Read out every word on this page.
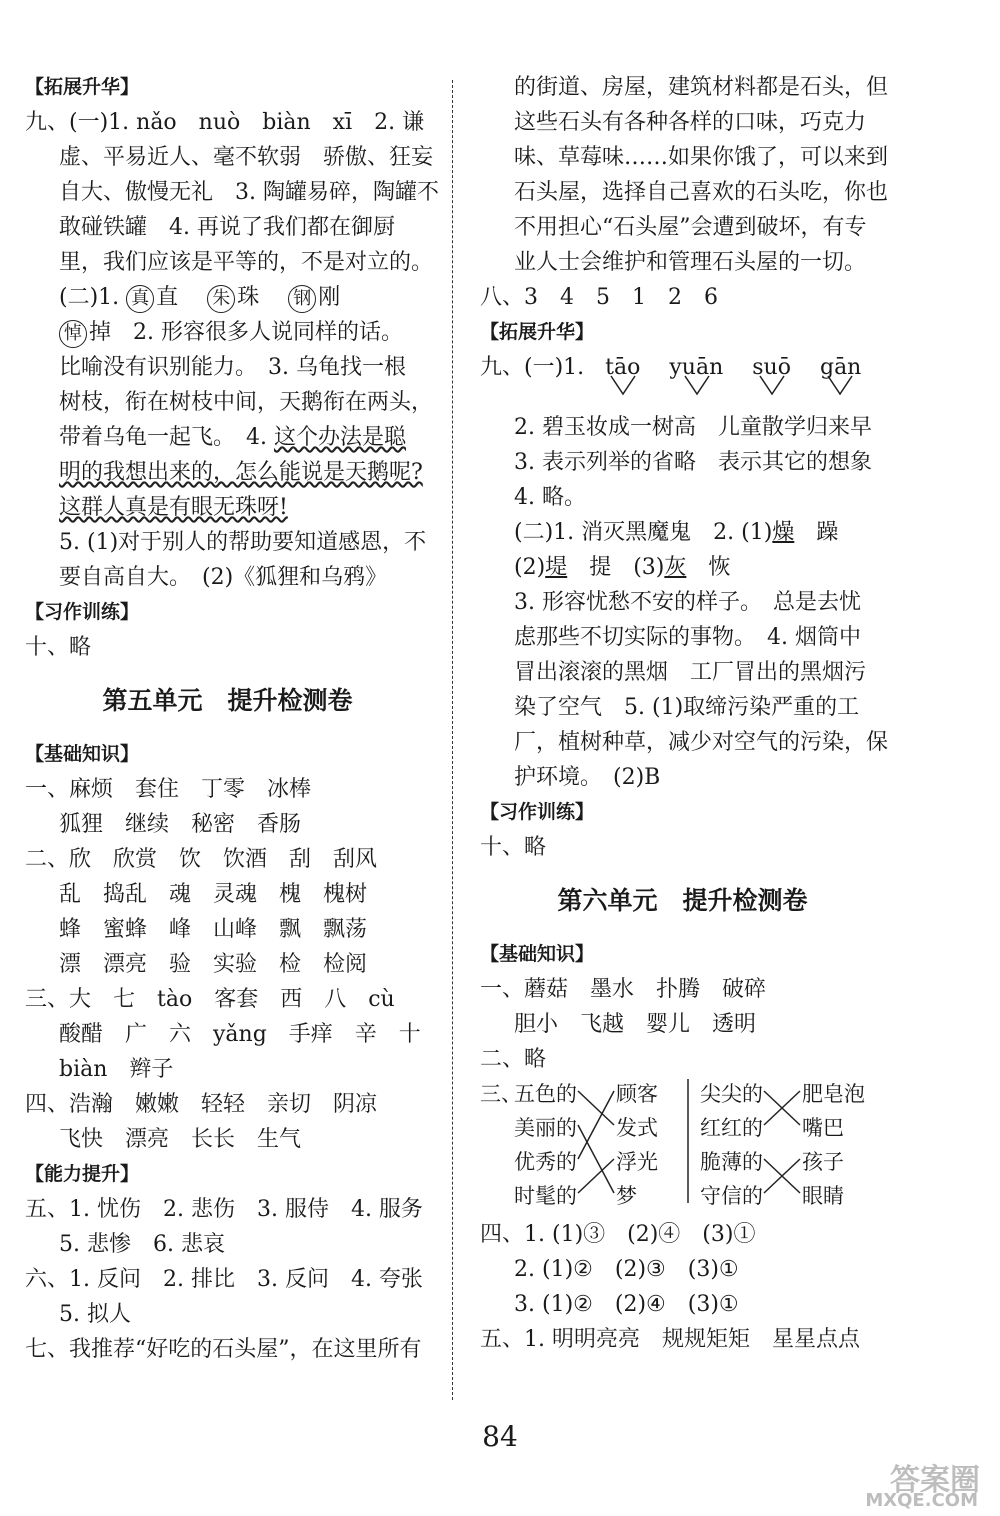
【拓展升华】
九、(一)1. nǎo　nuò　biàn　xī　2. 谦
虚、平易近人、毫不软弱　骄傲、狂妄
自大、傲慢无礼　3. 陶罐易碎，陶罐不
敢碰铁罐　4. 再说了我们都在御厨
里，我们应该是平等的，不是对立的。
(二)1. 真 直　 朱 珠　 钢 刚
悼 掉　2. 形容很多人说同样的话。
比喻没有识别能力。　3. 乌龟找一根
树枝，衔在树枝中间，天鹅衔在两头，
带着乌龟一起飞。　4. 这个办法是聪
明的我想出来的，怎么能说是天鹅呢?
这群人真是有眼无珠呀!
5. (1)对于别人的帮助要知道感恩，不
要自高自大。　(2)《狐狸和乌鸦》
【习作训练】
十、略
第五单元　提升检测卷
【基础知识】
一、麻烦　套住　丁零　冰棒
狐狸　继续　秘密　香肠
二、欣　欣赏　饮　饮酒　刮　刮风
乱　捣乱　魂　灵魂　槐　槐树
蜂　蜜蜂　峰　山峰　飘　飘荡
漂　漂亮　验　实验　检　检阅
三、大　七　tào　客套　西　八　cù
酸醋　广　六　yǎng　手痒　辛　十
biàn　辫子
四、浩瀚　嫩嫩　轻轻　亲切　阴凉
飞快　漂亮　长长　生气
【能力提升】
五、1. 忧伤　2. 悲伤　3. 服侍　4. 服务
5. 悲惨　6. 悲哀
六、1. 反问　2. 排比　3. 反问　4. 夸张
5. 拟人
七、我推荐“好吃的石头屋”，在这里所有
的街道、房屋，建筑材料都是石头，但
这些石头有各种各样的口味，巧克力
味、草莓味……如果你饿了，可以来到
石头屋，选择自己喜欢的石头吃，你也
不用担心“石头屋”会遭到破坏，有专
业人士会维护和管理石头屋的一切。
八、3　4　5　1　2　6
【拓展升华】
九、(一)1. tāo yuān suō gān
2. 碧玉妆成一树高　儿童散学归来早
3. 表示列举的省略　表示其它的想象
4. 略。
(二)1. 消灭黑魔鬼　2. (1)燥　躁
(2)堤　提　(3)灰　恢
3. 形容忧愁不安的样子。　总是去忧
虑那些不切实际的事物。　4. 烟筒中
冒出滚滚的黑烟　工厂冒出的黑烟污
染了空气　5. (1)取缔污染严重的工
厂，植树种草，减少对空气的污染，保
护环境。　(2)B
【习作训练】
十、略
第六单元　提升检测卷
【基础知识】
一、蘑菇　墨水　扑腾　破碎
胆小　飞越　婴儿　透明
二、略
三、
五色的
美丽的
优秀的
时髦的
顾客
发式
浮光
梦
尖尖的
红红的
脆薄的
守信的
肥皂泡
嘴巴
孩子
眼睛
四、1. (1)③　(2)④　(3)①
2. (1)②　(2)③　(3)①
3. (1)②　(2)④　(3)①
五、1. 明明亮亮　规规矩矩　星星点点
84
答案圈
MXQE.COM
